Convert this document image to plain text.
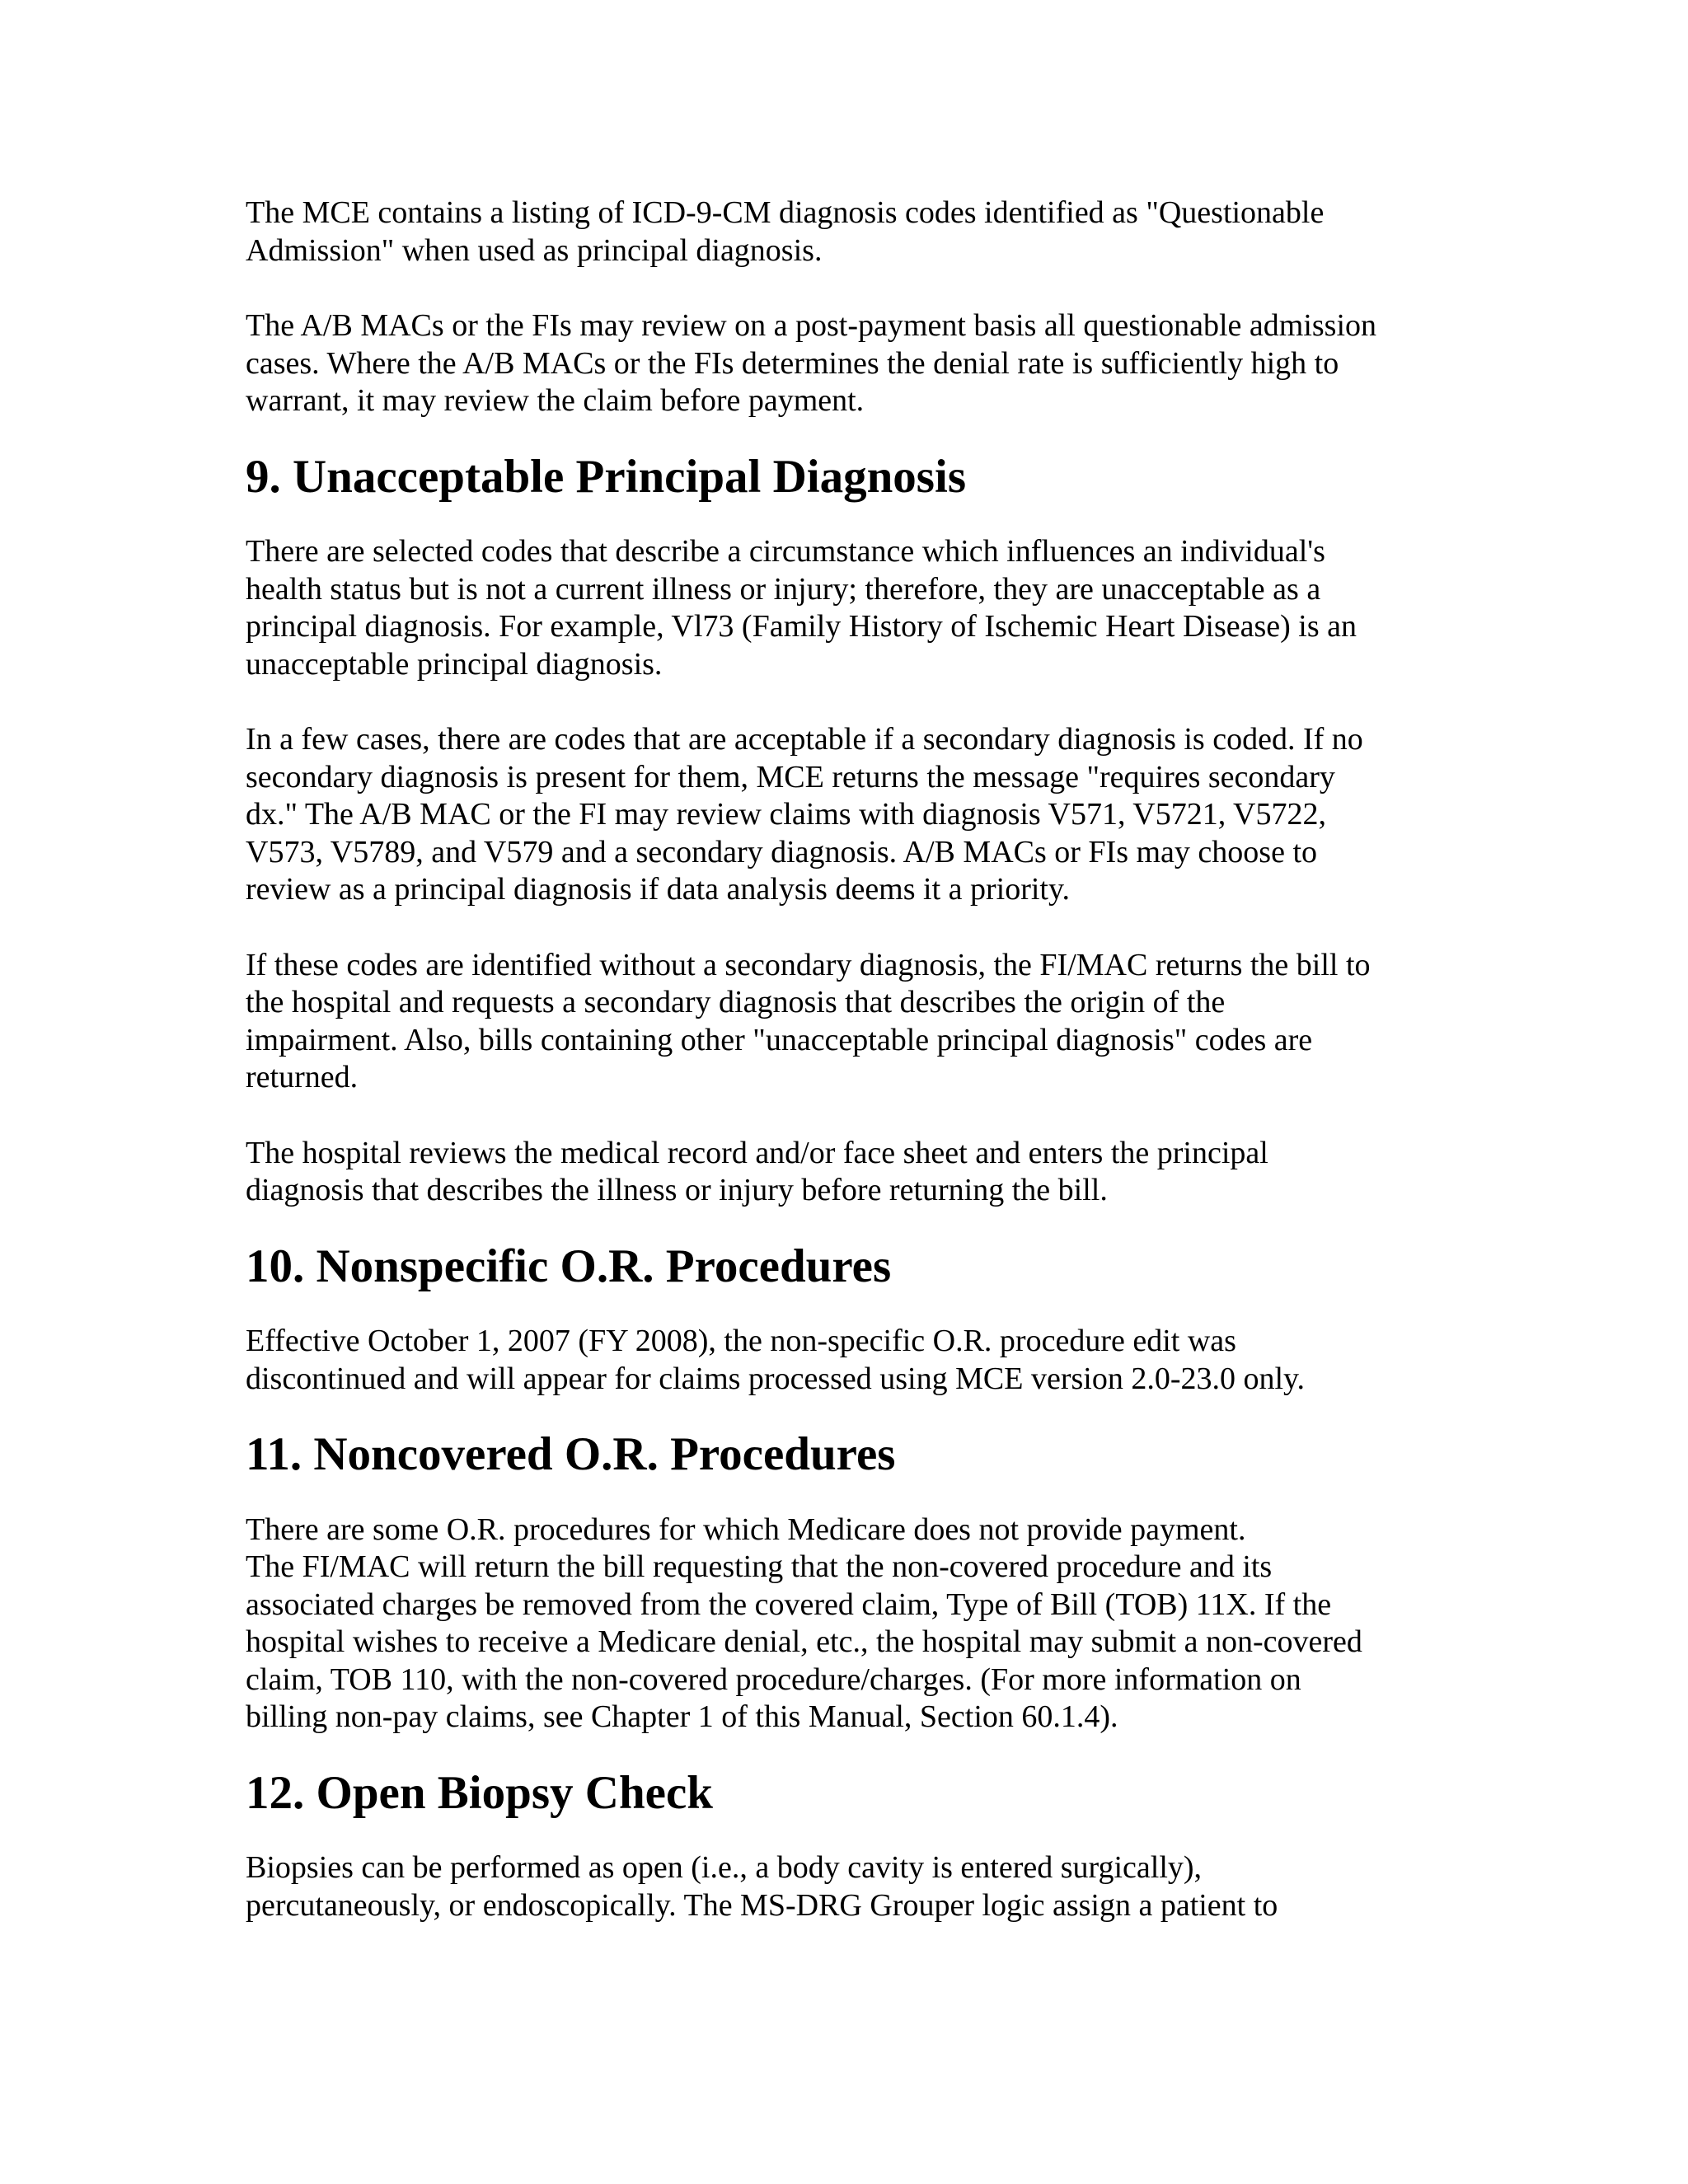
The MCE contains a listing of ICD-9-CM diagnosis codes identified as "Questionable
Admission" when used as principal diagnosis.

The A/B MACs or the FIs may review on a post-payment basis all questionable admission
cases. Where the A/B MACs or the FIs determines the denial rate is sufficiently high to
warrant, it may review the claim before payment.

9. Unacceptable Principal Diagnosis

There are selected codes that describe a circumstance which influences an individual's
health status but is not a current illness or injury; therefore, they are unacceptable as a
principal diagnosis. For example, Vl73 (Family History of Ischemic Heart Disease) is an
unacceptable principal diagnosis.

In a few cases, there are codes that are acceptable if a secondary diagnosis is coded. If no
secondary diagnosis is present for them, MCE returns the message "requires secondary
dx." The A/B MAC or the FI may review claims with diagnosis V571, V5721, V5722,
V573, V5789, and V579 and a secondary diagnosis. A/B MACs or FIs may choose to
review as a principal diagnosis if data analysis deems it a priority.

If these codes are identified without a secondary diagnosis, the FI/MAC returns the bill to
the hospital and requests a secondary diagnosis that describes the origin of the
impairment. Also, bills containing other "unacceptable principal diagnosis" codes are
returned.

The hospital reviews the medical record and/or face sheet and enters the principal
diagnosis that describes the illness or injury before returning the bill.

10. Nonspecific O.R. Procedures

Effective October 1, 2007 (FY 2008), the non-specific O.R. procedure edit was
discontinued and will appear for claims processed using MCE version 2.0-23.0 only.

11. Noncovered O.R. Procedures

There are some O.R. procedures for which Medicare does not provide payment.
The FI/MAC will return the bill requesting that the non-covered procedure and its
associated charges be removed from the covered claim, Type of Bill (TOB) 11X. If the
hospital wishes to receive a Medicare denial, etc., the hospital may submit a non-covered
claim, TOB 110, with the non-covered procedure/charges. (For more information on
billing non-pay claims, see Chapter 1 of this Manual, Section 60.1.4).

12. Open Biopsy Check

Biopsies can be performed as open (i.e., a body cavity is entered surgically),
percutaneously, or endoscopically. The MS-DRG Grouper logic assign a patient to
